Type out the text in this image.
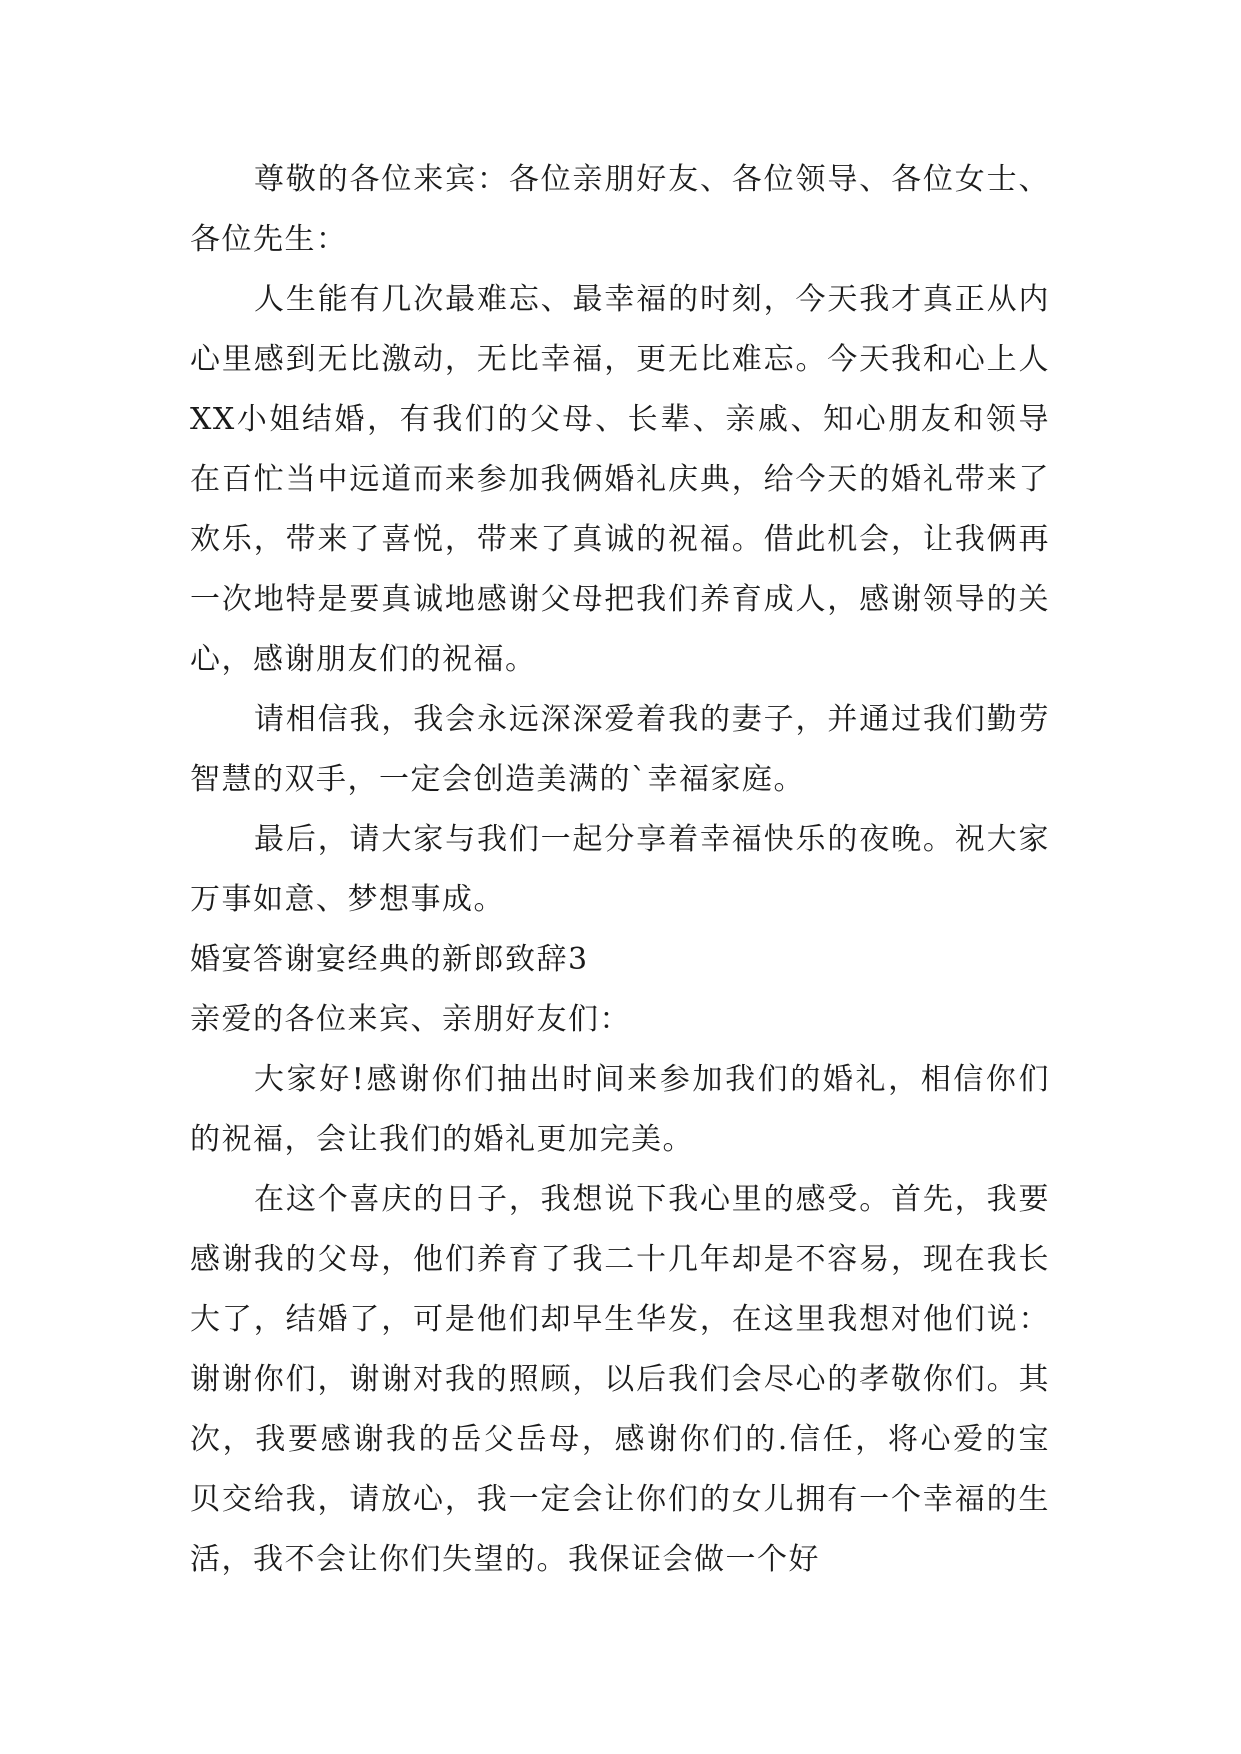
尊敬的各位来宾：各位亲朋好友、各位领导、各位女士、各位先生：

人生能有几次最难忘、最幸福的时刻，今天我才真正从内心里感到无比激动，无比幸福，更无比难忘。今天我和心上人XX小姐结婚，有我们的父母、长辈、亲戚、知心朋友和领导在百忙当中远道而来参加我俩婚礼庆典，给今天的婚礼带来了欢乐，带来了喜悦，带来了真诚的祝福。借此机会，让我俩再一次地特是要真诚地感谢父母把我们养育成人，感谢领导的关心，感谢朋友们的祝福。

请相信我，我会永远深深爱着我的妻子，并通过我们勤劳智慧的双手，一定会创造美满的`幸福家庭。

最后，请大家与我们一起分享着幸福快乐的夜晚。祝大家万事如意、梦想事成。

婚宴答谢宴经典的新郎致辞3

亲爱的各位来宾、亲朋好友们：

大家好!感谢你们抽出时间来参加我们的婚礼，相信你们的祝福，会让我们的婚礼更加完美。

在这个喜庆的日子，我想说下我心里的感受。首先，我要感谢我的父母，他们养育了我二十几年却是不容易，现在我长大了，结婚了，可是他们却早生华发，在这里我想对他们说：谢谢你们，谢谢对我的照顾，以后我们会尽心的孝敬你们。其次，我要感谢我的岳父岳母，感谢你们的.信任，将心爱的宝贝交给我，请放心，我一定会让你们的女儿拥有一个幸福的生活，我不会让你们失望的。我保证会做一个好
